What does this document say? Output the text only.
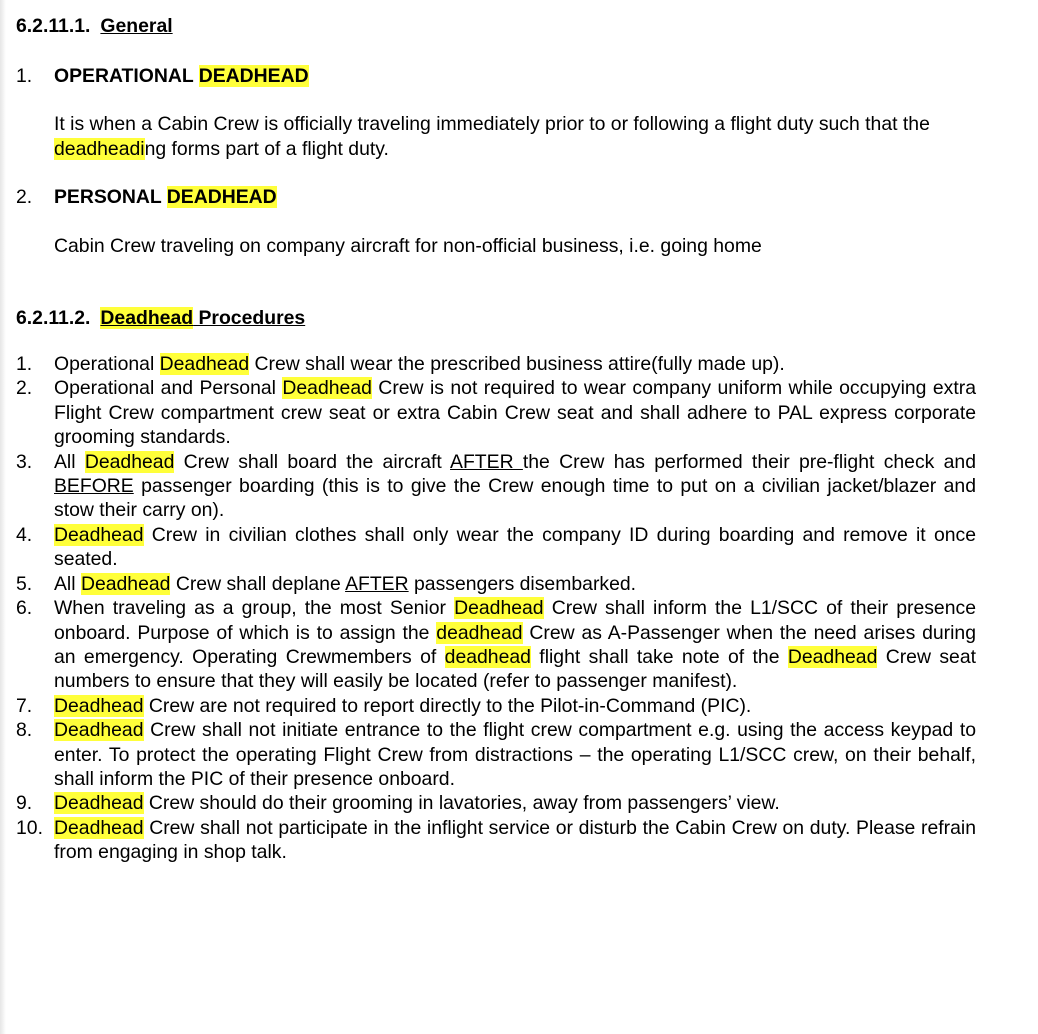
6.2.11.1. General

1. OPERATIONAL DEADHEAD

It is when a Cabin Crew is officially traveling immediately prior to or following a flight duty such that the deadheading forms part of a flight duty.

2. PERSONAL DEADHEAD

Cabin Crew traveling on company aircraft for non-official business, i.e. going home

6.2.11.2. Deadhead Procedures

1. Operational Deadhead Crew shall wear the prescribed business attire(fully made up).
2. Operational and Personal Deadhead Crew is not required to wear company uniform while occupying extra Flight Crew compartment crew seat or extra Cabin Crew seat and shall adhere to PAL express corporate grooming standards.
3. All Deadhead Crew shall board the aircraft AFTER the Crew has performed their pre-flight check and BEFORE passenger boarding (this is to give the Crew enough time to put on a civilian jacket/blazer and stow their carry on).
4. Deadhead Crew in civilian clothes shall only wear the company ID during boarding and remove it once seated.
5. All Deadhead Crew shall deplane AFTER passengers disembarked.
6. When traveling as a group, the most Senior Deadhead Crew shall inform the L1/SCC of their presence onboard. Purpose of which is to assign the deadhead Crew as A-Passenger when the need arises during an emergency. Operating Crewmembers of deadhead flight shall take note of the Deadhead Crew seat numbers to ensure that they will easily be located (refer to passenger manifest).
7. Deadhead Crew are not required to report directly to the Pilot-in-Command (PIC).
8. Deadhead Crew shall not initiate entrance to the flight crew compartment e.g. using the access keypad to enter. To protect the operating Flight Crew from distractions – the operating L1/SCC crew, on their behalf, shall inform the PIC of their presence onboard.
9. Deadhead Crew should do their grooming in lavatories, away from passengers’ view.
10. Deadhead Crew shall not participate in the inflight service or disturb the Cabin Crew on duty. Please refrain from engaging in shop talk.
